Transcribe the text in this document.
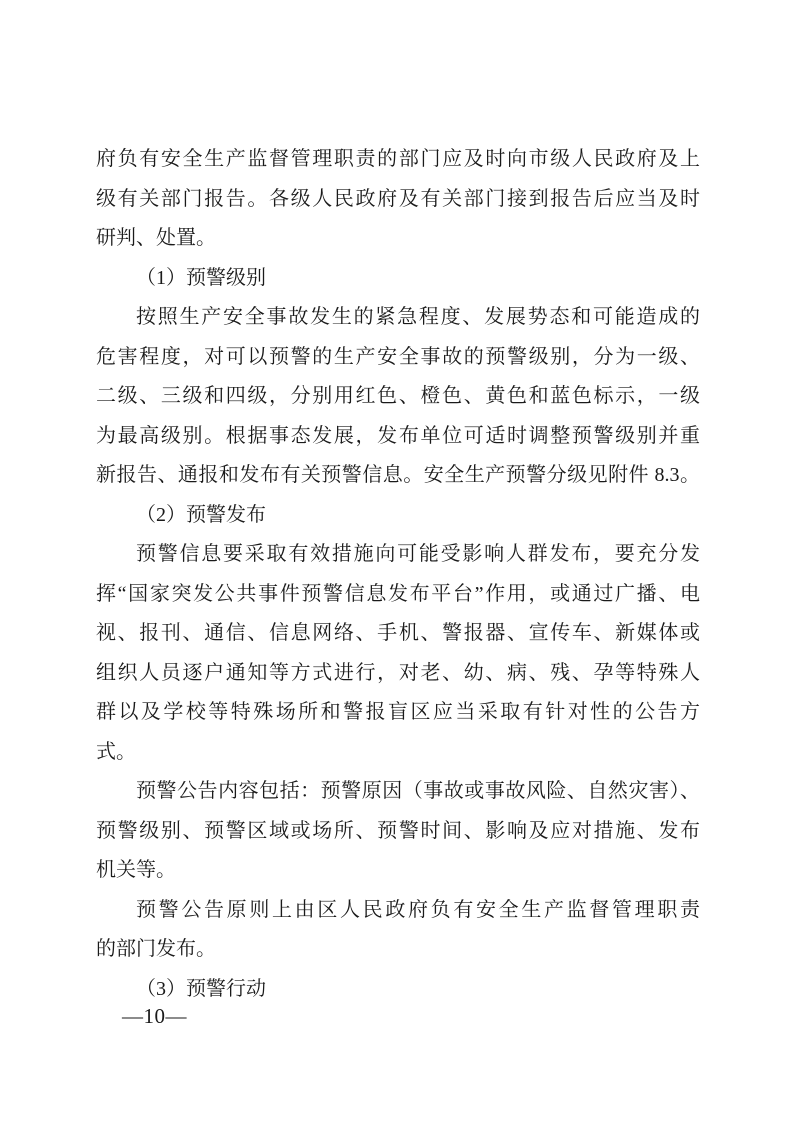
府负有安全生产监督管理职责的部门应及时向市级人民政府及上
级有关部门报告。各级人民政府及有关部门接到报告后应当及时
研判、处置。
（1）预警级别
按照生产安全事故发生的紧急程度、发展势态和可能造成的
危害程度，对可以预警的生产安全事故的预警级别，分为一级、
二级、三级和四级，分别用红色、橙色、黄色和蓝色标示，一级
为最高级别。根据事态发展，发布单位可适时调整预警级别并重
新报告、通报和发布有关预警信息。安全生产预警分级见附件 8.3。
（2）预警发布
预警信息要采取有效措施向可能受影响人群发布，要充分发
挥“国家突发公共事件预警信息发布平台”作用，或通过广播、电
视、报刊、通信、信息网络、手机、警报器、宣传车、新媒体或
组织人员逐户通知等方式进行，对老、幼、病、残、孕等特殊人
群以及学校等特殊场所和警报盲区应当采取有针对性的公告方
式。
预警公告内容包括：预警原因（事故或事故风险、自然灾害）、
预警级别、预警区域或场所、预警时间、影响及应对措施、发布
机关等。
预警公告原则上由区人民政府负有安全生产监督管理职责
的部门发布。
（3）预警行动
—10—
